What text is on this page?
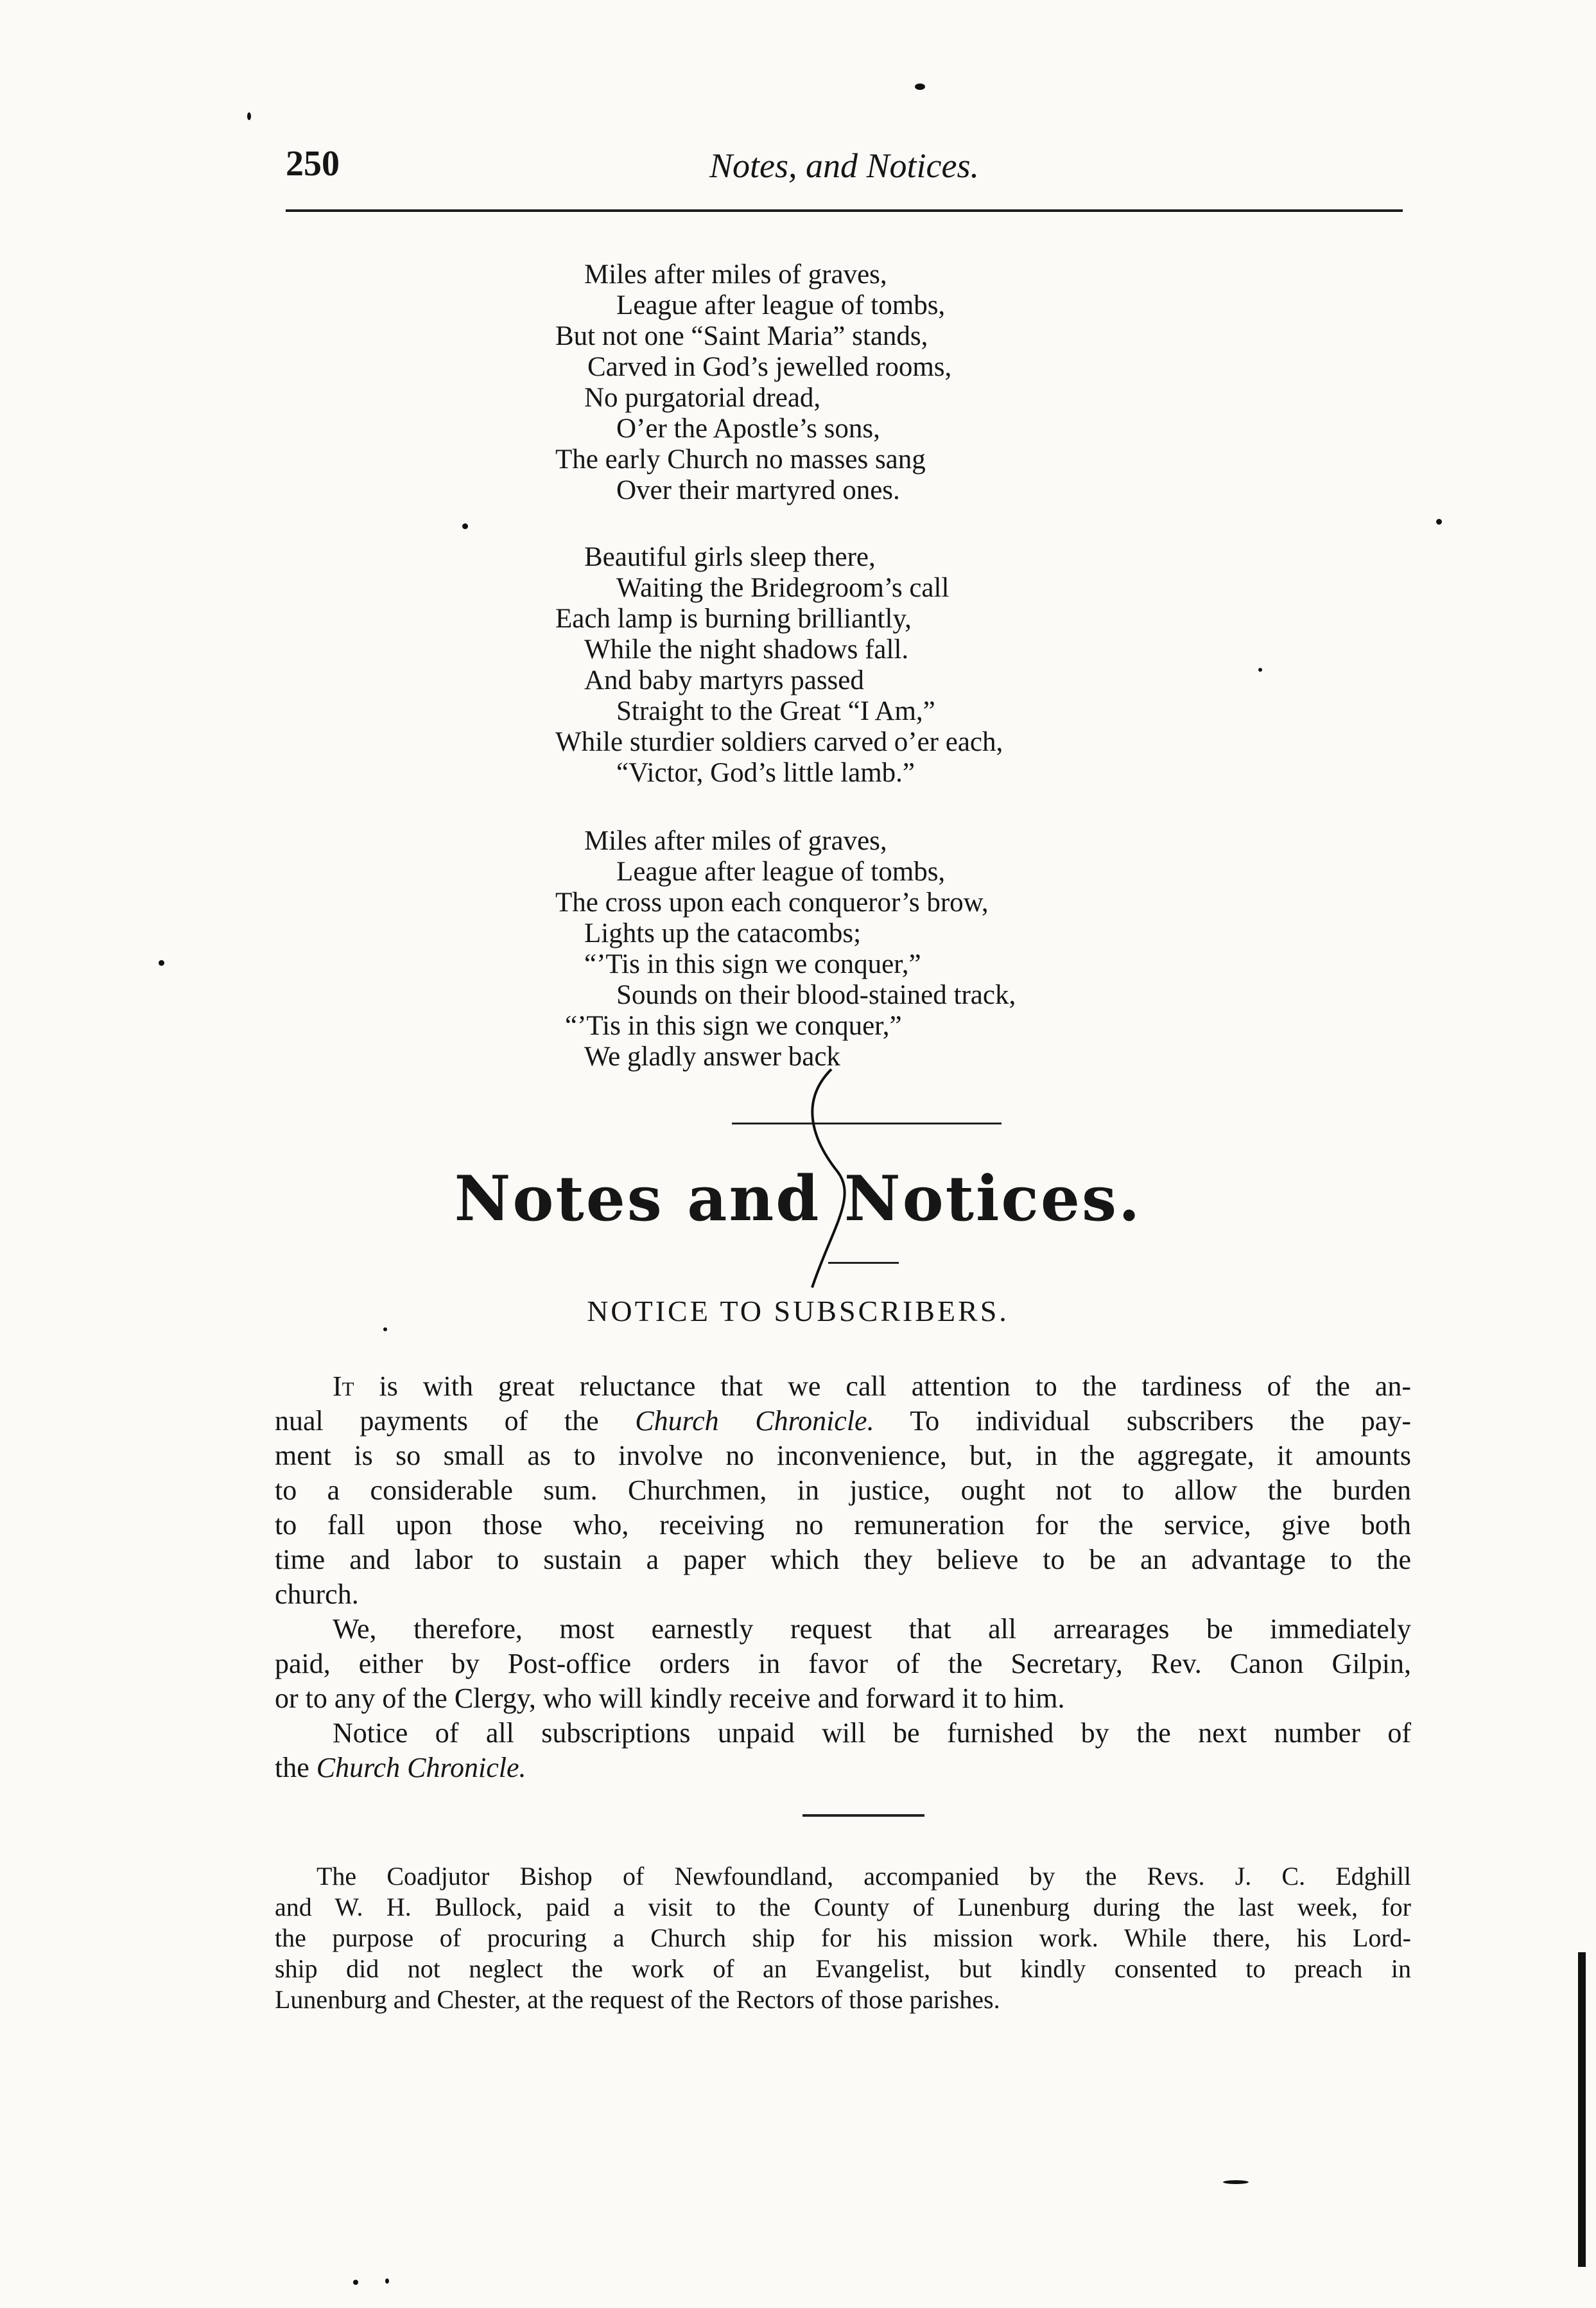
250	Notes, and Notices.
Miles after miles of graves,
League after league of tombs,
But not one “Saint Maria” stands,
Carved in God’s jewelled rooms,
No purgatorial dread,
O’er the Apostle’s sons,
The early Church no masses sang
Over their martyred ones.
Beautiful girls sleep there,
Waiting the Bridegroom’s call
Each lamp is burning brilliantly,
While the night shadows fall.
And baby martyrs passed
Straight to the Great “I Am,”
While sturdier soldiers carved o’er each,
“Victor, God’s little lamb.”
Miles after miles of graves,
League after league of tombs,
The cross upon each conqueror’s brow,
Lights up the catacombs;
“’Tis in this sign we conquer,”
Sounds on their blood-stained track,
“’Tis in this sign we conquer,”
We gladly answer back
Notes and Notices.
NOTICE TO SUBSCRIBERS.
It is with great reluctance that we call attention to the tardiness of the an-
nual payments of the Church Chronicle. To individual subscribers the pay-
ment is so small as to involve no inconvenience, but, in the aggregate, it amounts
to a considerable sum. Churchmen, in justice, ought not to allow the burden
to fall upon those who, receiving no remuneration for the service, give both
time and labor to sustain a paper which they believe to be an advantage to the
church.
We, therefore, most earnestly request that all arrearages be immediately
paid, either by Post-office orders in favor of the Secretary, Rev. Canon Gilpin,
or to any of the Clergy, who will kindly receive and forward it to him.
Notice of all subscriptions unpaid will be furnished by the next number of
the Church Chronicle.
The Coadjutor Bishop of Newfoundland, accompanied by the Revs. J. C. Edghill
and W. H. Bullock, paid a visit to the County of Lunenburg during the last week, for
the purpose of procuring a Church ship for his mission work. While there, his Lord-
ship did not neglect the work of an Evangelist, but kindly consented to preach in
Lunenburg and Chester, at the request of the Rectors of those parishes.
